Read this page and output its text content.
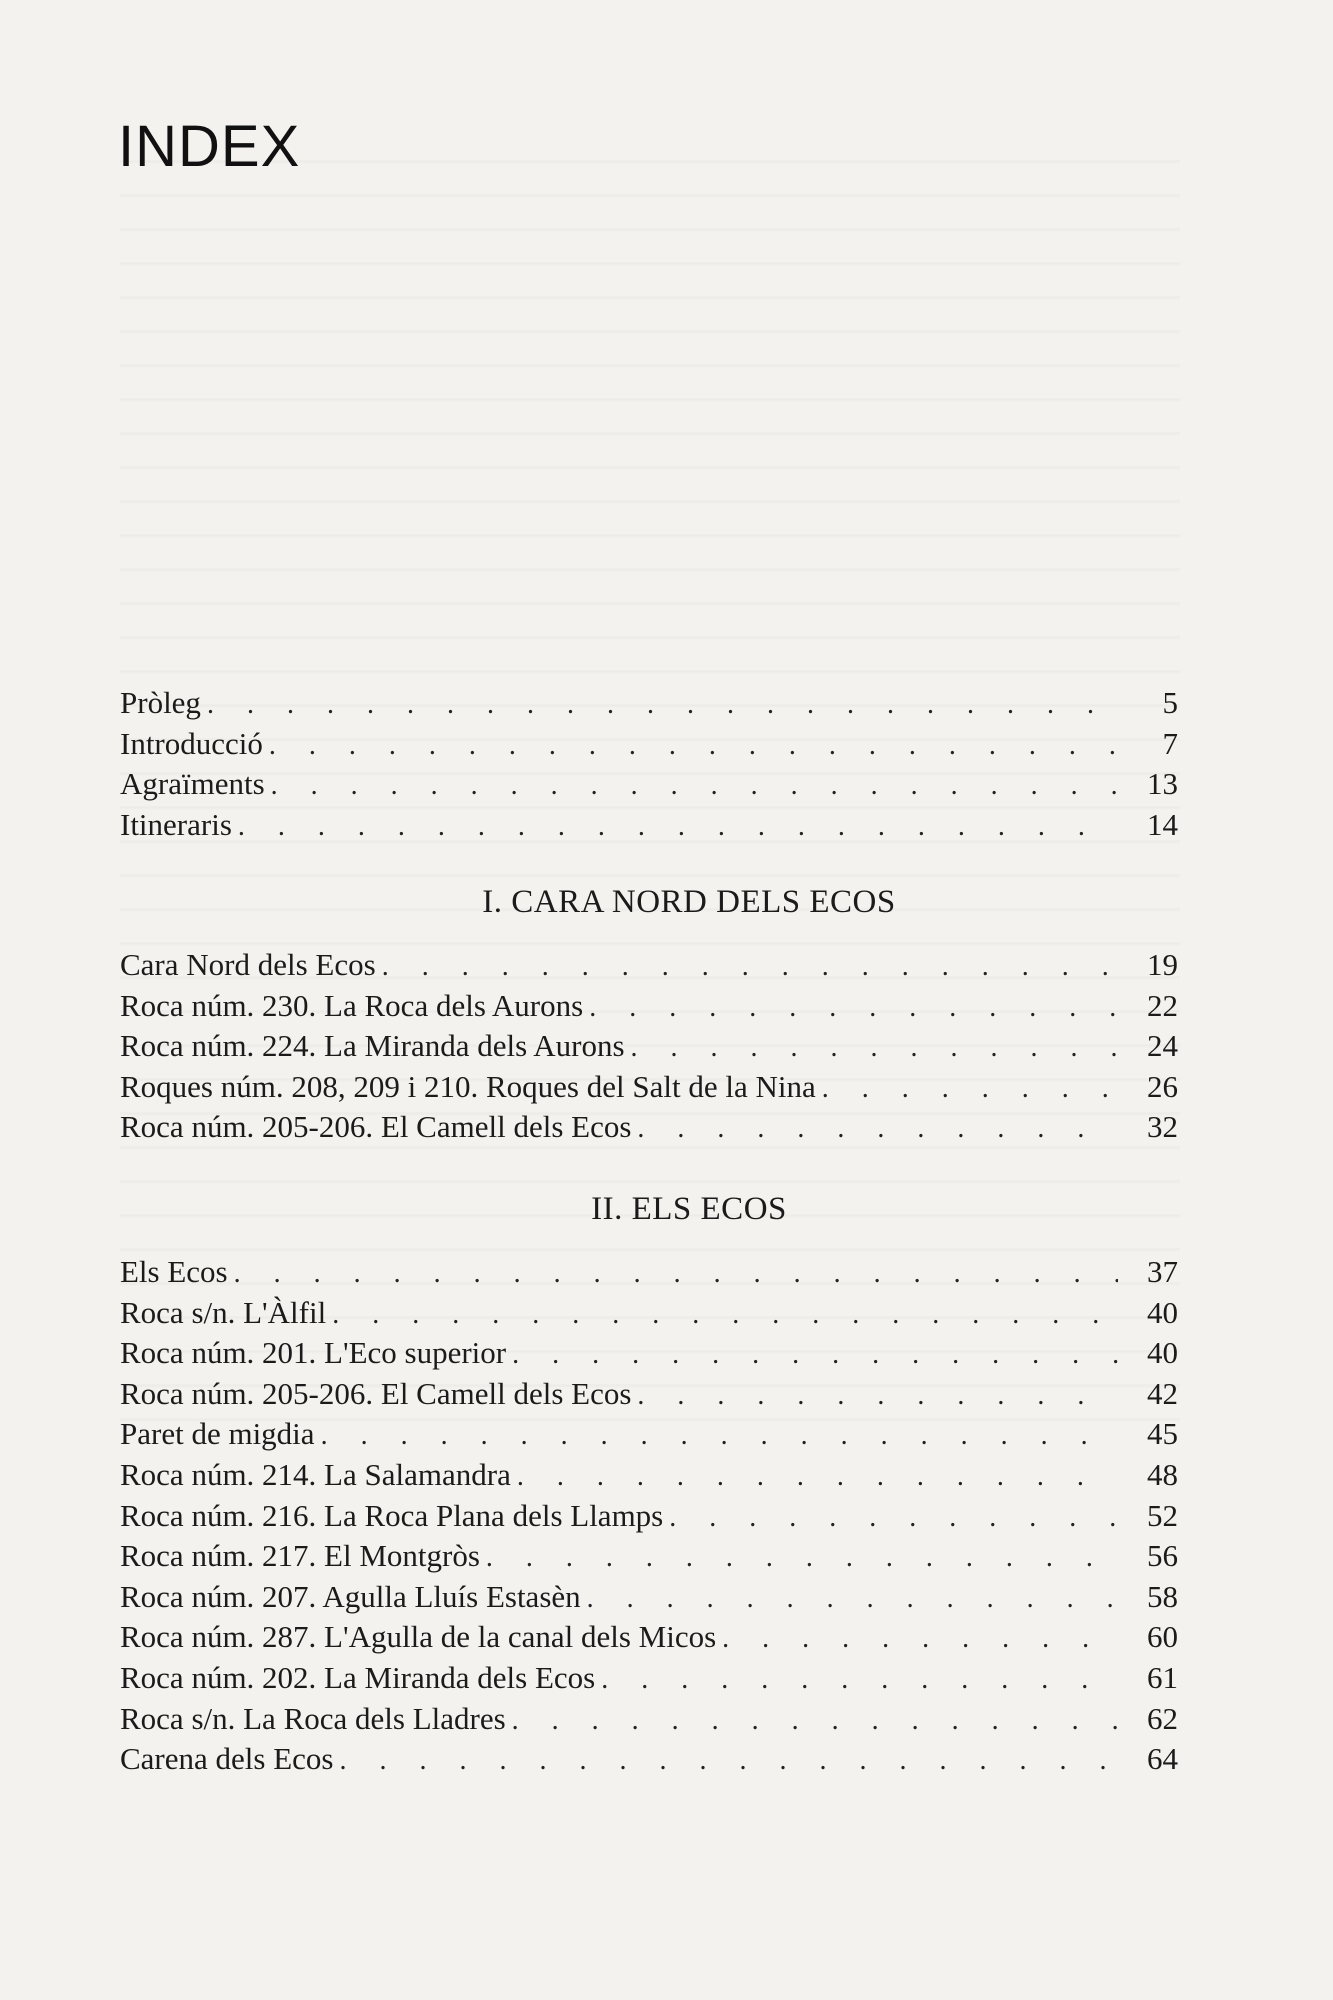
INDEX
Pròleg . . .	5
Introducció . . .	7
Agraïments . . .	13
Itineraris . . .	14
I. CARA NORD DELS ECOS
Cara Nord dels Ecos . . .	19
Roca núm. 230. La Roca dels Aurons . . .	22
Roca núm. 224. La Miranda dels Aurons . . .	24
Roques núm. 208, 209 i 210. Roques del Salt de la Nina . . .	26
Roca núm. 205-206. El Camell dels Ecos . . .	32
II. ELS ECOS
Els Ecos . . .	37
Roca s/n. L'Àlfil . . .	40
Roca núm. 201. L'Eco superior . . .	40
Roca núm. 205-206. El Camell dels Ecos . . .	42
Paret de migdia . . .	45
Roca núm. 214. La Salamandra . . .	48
Roca núm. 216. La Roca Plana dels Llamps . . .	52
Roca núm. 217. El Montgròs . . .	56
Roca núm. 207. Agulla Lluís Estasèn . . .	58
Roca núm. 287. L'Agulla de la canal dels Micos . . .	60
Roca núm. 202. La Miranda dels Ecos . . .	61
Roca s/n. La Roca dels Lladres . . .	62
Carena dels Ecos . . .	64
